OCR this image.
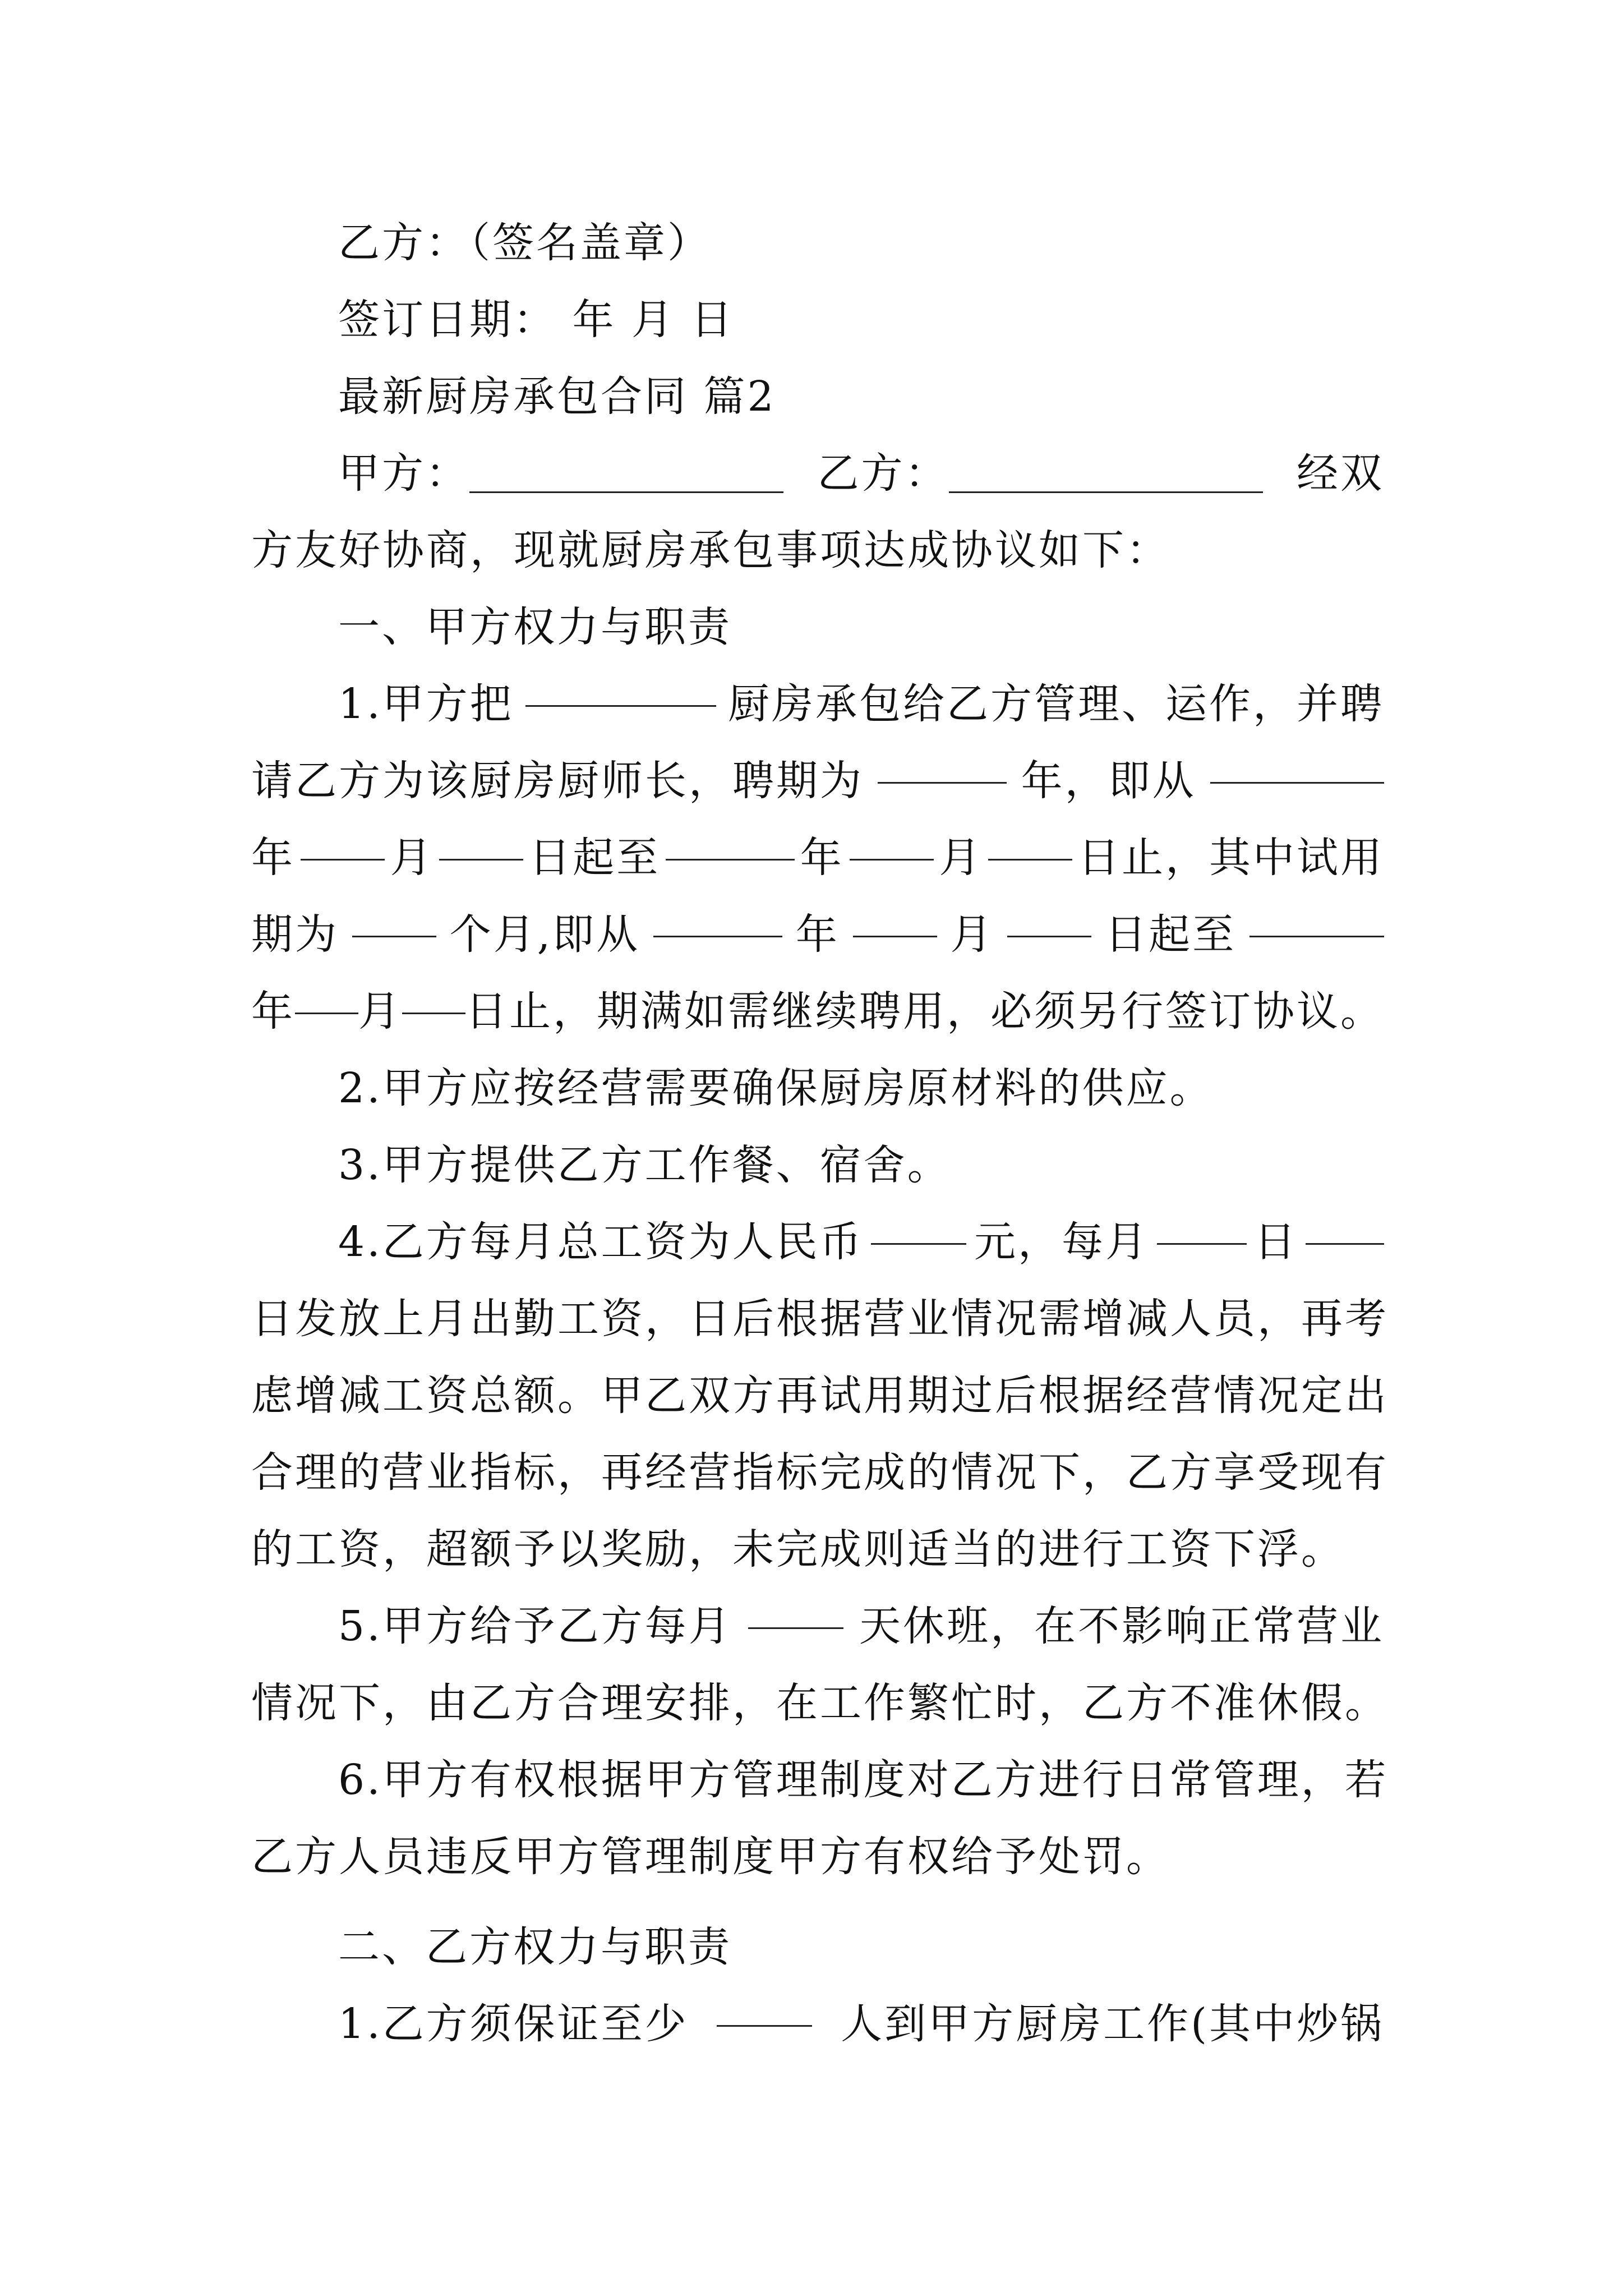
乙方：（签名盖章）
签订日期： 年 月 日
最新厨房承包合同 篇2
甲方：	乙方：	经双
方友好协商，现就厨房承包事项达成协议如下：
一、甲方权力与职责
1.甲方把	厨房承包给乙方管理、运作，并聘
请乙方为该厨房厨师长，聘期为	年，即从
年 月 日起至	年 月 日止，其中试用
期为	个月,即从	年	月	日起至
年 月 日止，期满如需继续聘用，必须另行签订协议。
2.甲方应按经营需要确保厨房原材料的供应。
3.甲方提供乙方工作餐、宿舍。
4.乙方每月总工资为人民币	元，每月	日
日发放上月出勤工资，日后根据营业情况需增减人员，再考
虑增减工资总额。甲乙双方再试用期过后根据经营情况定出
合理的营业指标，再经营指标完成的情况下，乙方享受现有
的工资，超额予以奖励，未完成则适当的进行工资下浮。
5.甲方给予乙方每月	天休班，在不影响正常营业
情况下，由乙方合理安排，在工作繁忙时，乙方不准休假。
6.甲方有权根据甲方管理制度对乙方进行日常管理，若
乙方人员违反甲方管理制度甲方有权给予处罚。
二、乙方权力与职责
1.乙方须保证至少	人到甲方厨房工作(其中炒锅
